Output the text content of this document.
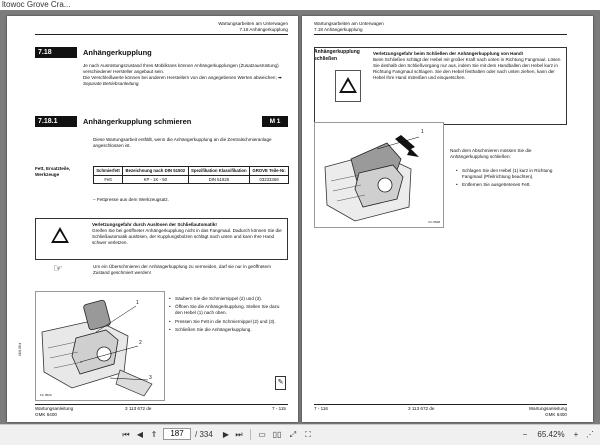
ltowoc Grove Cra...
Wartungsarbeiten am Unterwagen
7.18 Anhängerkupplung
7.18	Anhängerkupplung
Je nach Ausrüstungszustand Ihres Mobilkrans können Anhängerkupplungen (Zusatzausrüstung) verschiedener Hersteller angebaut sein.
Die Verschleißwerte können bei anderen Herstellern von den angegebenen Werten abweichen; ➡ Separate Betriebsanleitung.
7.18.1	Anhängerkupplung schmieren	M 1
Diese Wartungsarbeit entfällt, wenn die Anhängerkupplung an die Zentralschmieranlage angeschlossen ist.
Fett, Ersatzteile, Werkzeuge
Schmierfett	Bezeichnung nach DIN 51502	Spezifikation Klassifikation	GROVE Teile-Nr.
Fett	KP - 1K - 50	DIN 51825	03233369
– Fettpresse aus dem Werkzeugsatz.
Verletzungsgefahr durch Auslösen der Schließautomatik!
Greifen Sie bei geöffneter Anhängerkupplung nicht in das Fangmaul. Dadurch können Sie die Schließautomatik auslösen, der Kupplungsbolzen schlägt nach unten und kann Ihre Hand schwer verletzen.
☞	Um ein Überschmieren der Anhängerkupplung zu vermeiden, darf sie nur in geöffnetem Zustand geschmiert werden!
1
2
3
FC 0529
16.6.06 d
• Säubern Sie die Schmiernippel (2) und (3).
• Öffnen Sie die Anhängerkupplung. Stellen Sie dazu den Hebel (1) nach oben.
• Pressen Sie Fett in die Schmiernippel (2) und (3).
• Schließen Sie die Anhängerkupplung.
✎
Wartungsanleitung
GMK 6400
3 113 672 de	7 - 115
Wartungsarbeiten am Unterwagen
7.18 Anhängerkupplung
Anhängerkupplung schließen
Verletzungsgefahr beim Schließen der Anhängerkupplung von Hand!
Beim Schließen schlägt der Hebel mit großer Kraft nach unten in Richtung Fangmaul. Lösen Sie deshalb den Schließvorgang nur aus, indem Sie mit dem Handballen den Hebel kurz in Richtung Fangmaul schlagen. Sie den Hebel festhalten oder nach unten ziehen, kann der Hebel Ihre Hand mitreißen und einquetschen.
1
FC 0528
Nach dem Abschmieren müssen Sie die Anhängerkupplung schließen:
• Schlagen Sie den Hebel (1) kurz in Richtung Fangmaul (Pfeilrichtung beachten).
• Entfernen Sie ausgetretenes Fett.
7 - 116	3 113 672 de	Wartungsanleitung
GMK 6400
⏮ ◀ ⇑
187	/ 334	▶ ⏭	▭ ▯▯	⤢	⛶	−	65.42%	+ ⋰
